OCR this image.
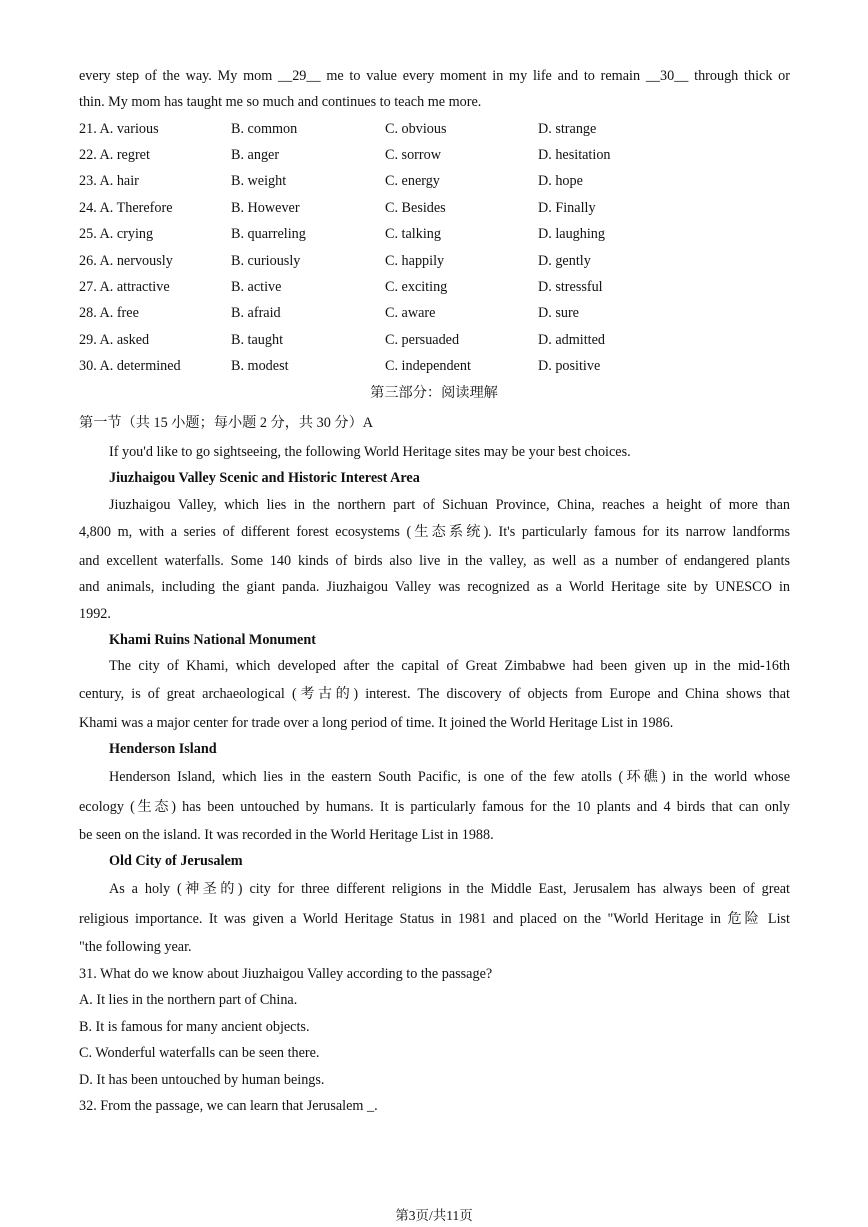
every step of the way. My mom __29__ me to value every moment in my life and to remain __30__ through thick or

thin. My mom has taught me so much and continues to teach me more.

21. A. various	B. common	C. obvious	D. strange
22. A. regret	B. anger	C. sorrow	D. hesitation
23. A. hair	B. weight	C. energy	D. hope
24. A. Therefore	B. However	C. Besides	D. Finally
25. A. crying	B. quarreling	C. talking	D. laughing
26. A. nervously	B. curiously	C. happily	D. gently
27. A. attractive	B. active	C. exciting	D. stressful
28. A. free	B. afraid	C. aware	D. sure
29. A. asked	B. taught	C. persuaded	D. admitted
30. A. determined	B. modest	C. independent	D. positive

第三部分：阅读理解

第一节（共 15 小题；每小题 2 分，共 30 分）A

If you'd like to go sightseeing, the following World Heritage sites may be your best choices.

Jiuzhaigou Valley Scenic and Historic Interest Area

Jiuzhaigou Valley, which lies in the northern part of Sichuan Province, China, reaches a height of more than

4,800 m, with a series of different forest ecosystems (生态系统). It's particularly famous for its narrow landforms

and excellent waterfalls. Some 140 kinds of birds also live in the valley, as well as a number of endangered plants

and animals, including the giant panda. Jiuzhaigou Valley was recognized as a World Heritage site by UNESCO in

1992.

Khami Ruins National Monument

The city of Khami, which developed after the capital of Great Zimbabwe had been given up in the mid-16th

century, is of great archaeological (考古的) interest. The discovery of objects from Europe and China shows that

Khami was a major center for trade over a long period of time. It joined the World Heritage List in 1986.

Henderson Island

Henderson Island, which lies in the eastern South Pacific, is one of the few atolls (环礁) in the world whose

ecology (生态) has been untouched by humans. It is particularly famous for the 10 plants and 4 birds that can only

be seen on the island. It was recorded in the World Heritage List in 1988.

Old City of Jerusalem

As a holy (神圣的) city for three different religions in the Middle East, Jerusalem has always been of great

religious importance. It was given a World Heritage Status in 1981 and placed on the "World Heritage in 危险 List

"the following year.

31. What do we know about Jiuzhaigou Valley according to the passage?

A. It lies in the northern part of China.

B. It is famous for many ancient objects.

C. Wonderful waterfalls can be seen there.

D. It has been untouched by human beings.

32. From the passage, we can learn that Jerusalem _.

第3页/共11页
